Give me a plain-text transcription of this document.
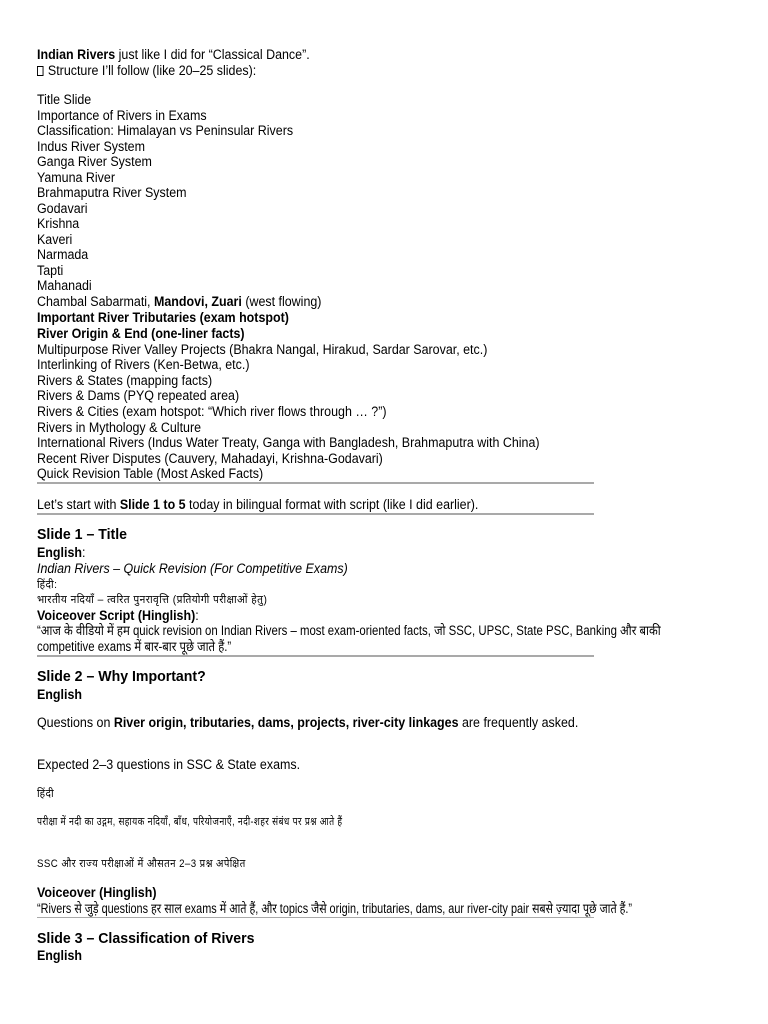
Indian Rivers just like I did for “Classical Dance”.
Structure I’ll follow (like 20–25 slides):
Title Slide
Importance of Rivers in Exams
Classification: Himalayan vs Peninsular Rivers
Indus River System
Ganga River System
Yamuna River
Brahmaputra River System
Godavari
Krishna
Kaveri
Narmada
Tapti
Mahanadi
Chambal Sabarmati, Mandovi, Zuari (west flowing)
Important River Tributaries (exam hotspot)
River Origin & End (one-liner facts)
Multipurpose River Valley Projects (Bhakra Nangal, Hirakud, Sardar Sarovar, etc.)
Interlinking of Rivers (Ken-Betwa, etc.)
Rivers & States (mapping facts)
Rivers & Dams (PYQ repeated area)
Rivers & Cities (exam hotspot: “Which river flows through … ?”)
Rivers in Mythology & Culture
International Rivers (Indus Water Treaty, Ganga with Bangladesh, Brahmaputra with China)
Recent River Disputes (Cauvery, Mahadayi, Krishna-Godavari)
Quick Revision Table (Most Asked Facts)
Let’s start with Slide 1 to 5 today in bilingual format with script (like I did earlier).
Slide 1 – Title
English:
Indian Rivers – Quick Revision (For Competitive Exams)
हिंदी:
भारतीय नदियाँ – त्वरित पुनरावृत्ति (प्रतियोगी परीक्षाओं हेतु)
Voiceover Script (Hinglish):
“आज के वीडियो में हम quick revision on Indian Rivers – most exam-oriented facts, जो SSC, UPSC, State PSC, Banking और बाकी
competitive exams में बार-बार पूछे जाते हैं.”
Slide 2 – Why Important?
English
Questions on River origin, tributaries, dams, projects, river-city linkages are frequently asked.
Expected 2–3 questions in SSC & State exams.
हिंदी
परीक्षा में नदी का उद्गम, सहायक नदियाँ, बाँध, परियोजनाएँ, नदी-शहर संबंध पर प्रश्न आते हैं
SSC और राज्य परीक्षाओं में औसतन 2–3 प्रश्न अपेक्षित
Voiceover (Hinglish)
“Rivers से जुड़े questions हर साल exams में आते हैं, और topics जैसे origin, tributaries, dams, aur river-city pair सबसे ज़्यादा पूछे जाते हैं.”
Slide 3 – Classification of Rivers
English
